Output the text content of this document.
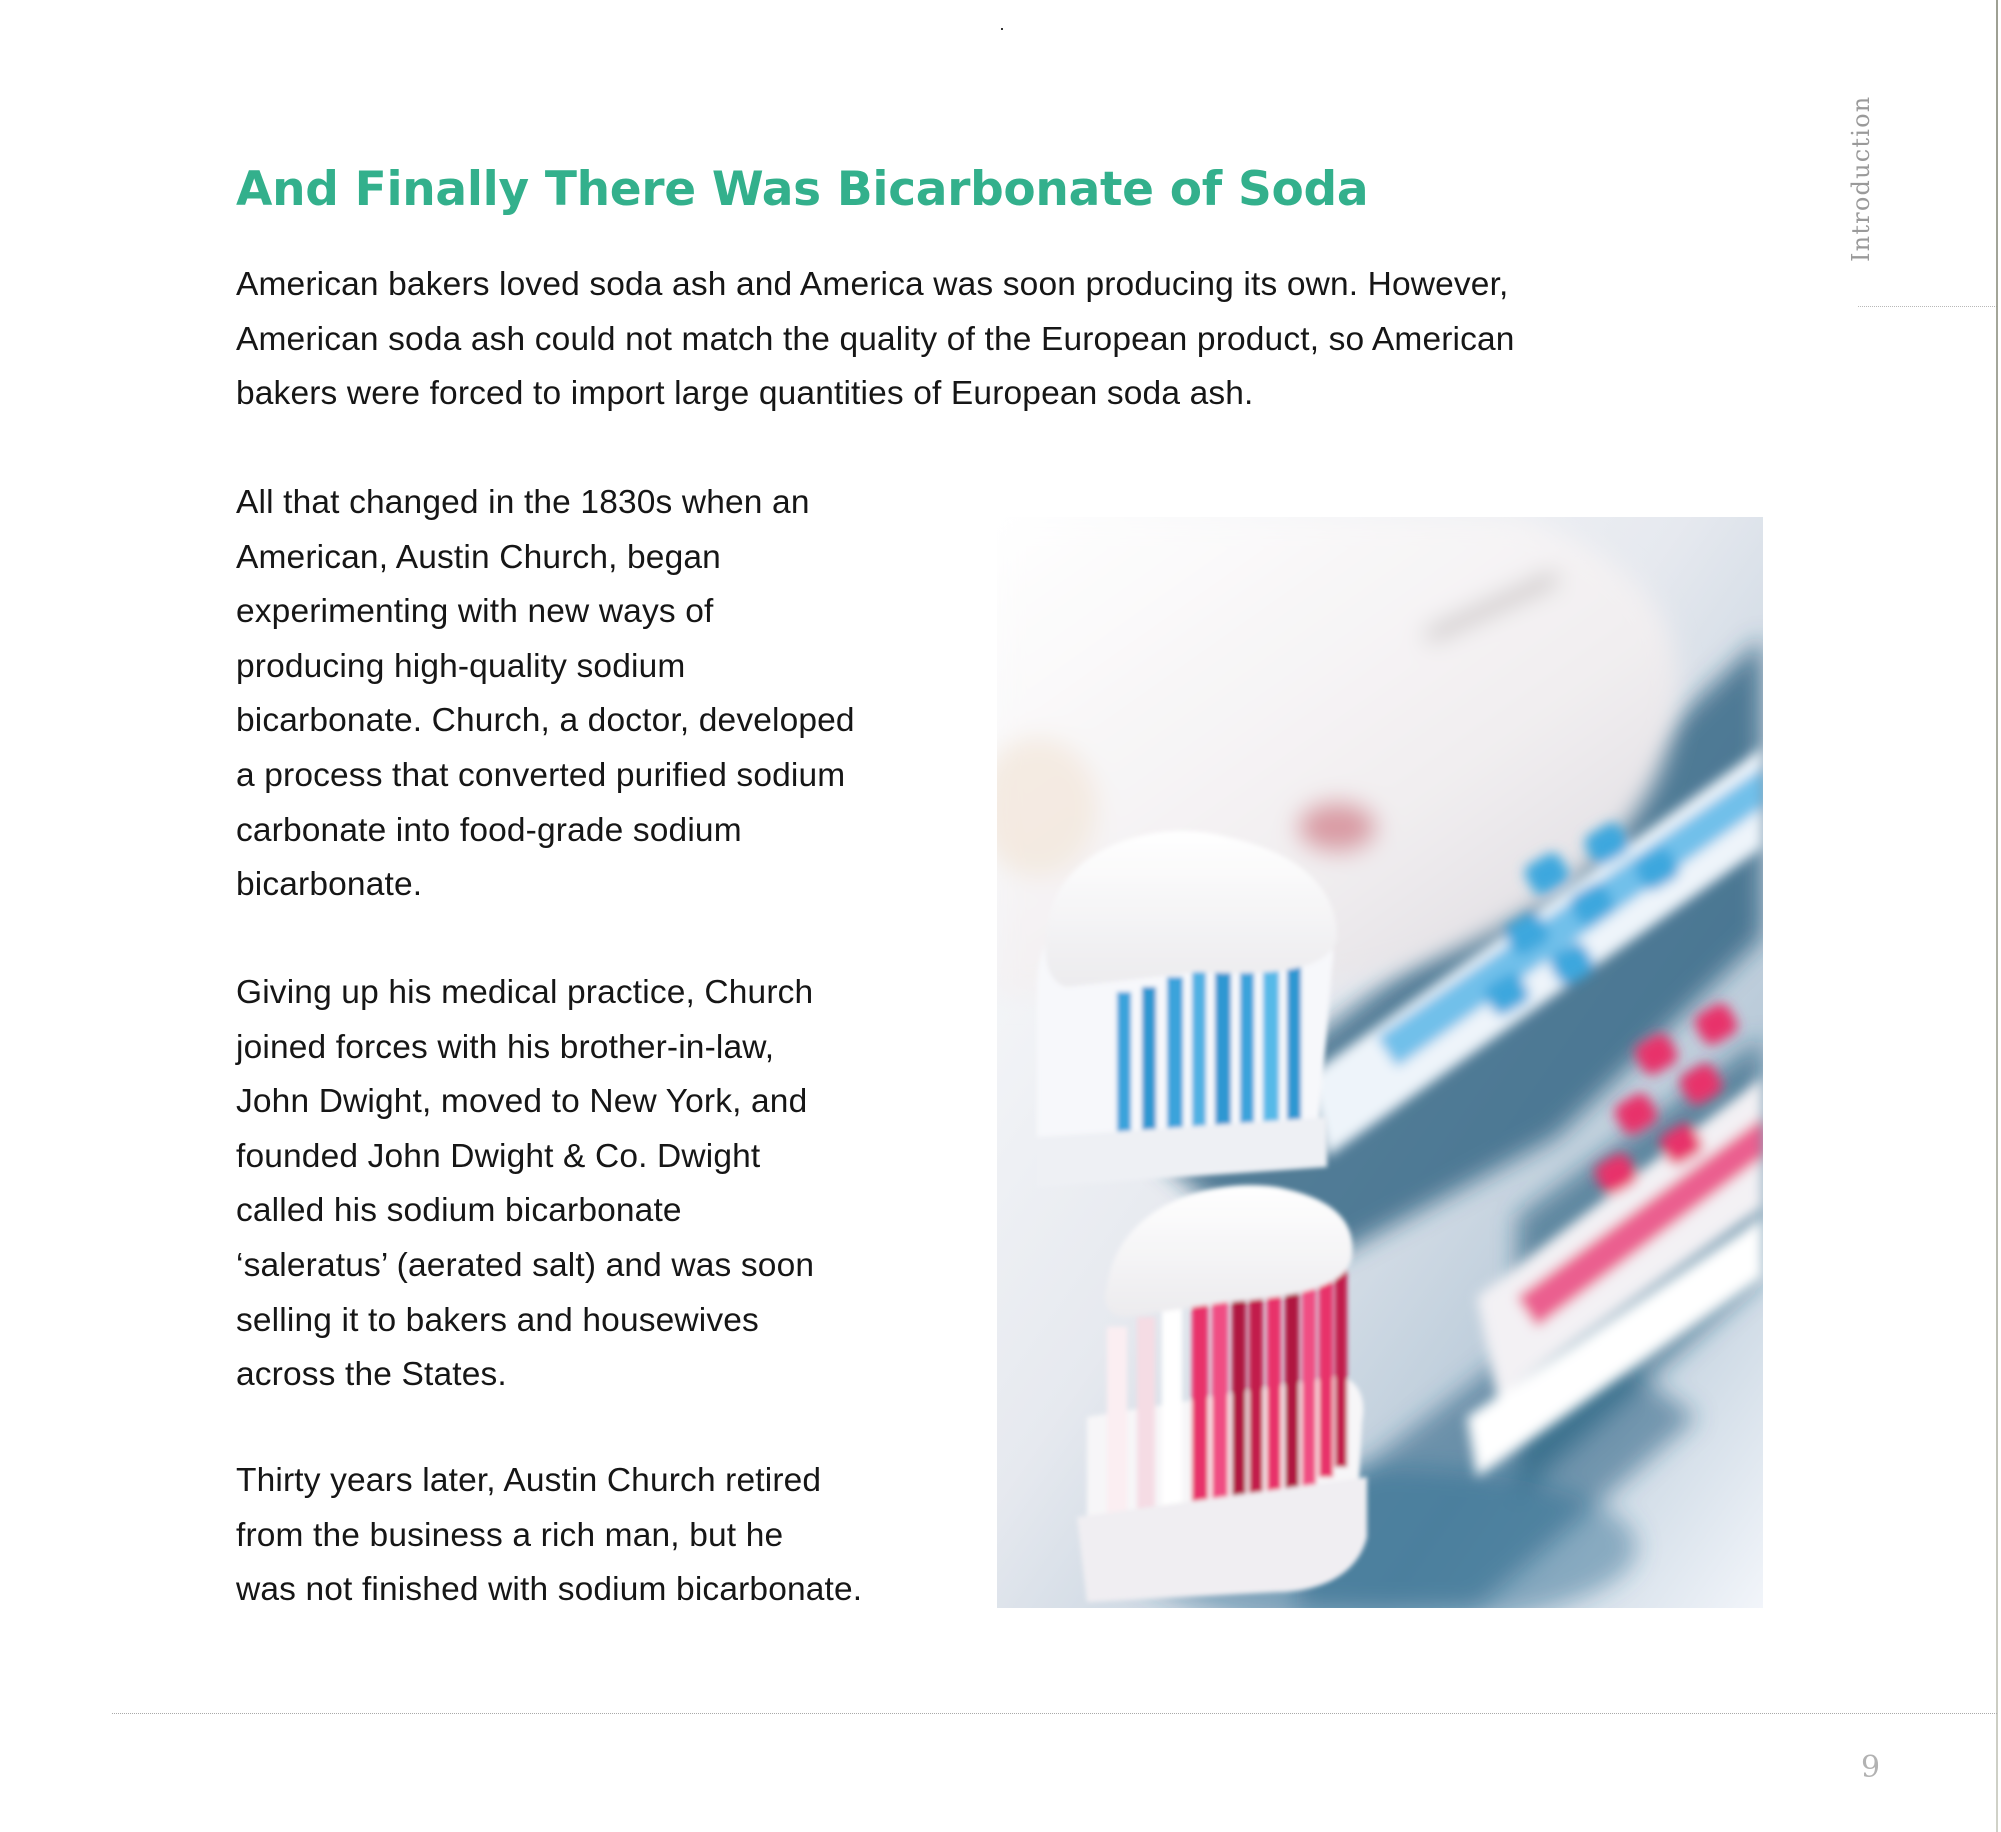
And Finally There Was Bicarbonate of Soda

American bakers loved soda ash and America was soon producing its own. However,
American soda ash could not match the quality of the European product, so American
bakers were forced to import large quantities of European soda ash.

All that changed in the 1830s when an
American, Austin Church, began
experimenting with new ways of
producing high-quality sodium
bicarbonate. Church, a doctor, developed
a process that converted purified sodium
carbonate into food-grade sodium
bicarbonate.

Giving up his medical practice, Church
joined forces with his brother-in-law,
John Dwight, moved to New York, and
founded John Dwight & Co. Dwight
called his sodium bicarbonate
‘saleratus’ (aerated salt) and was soon
selling it to bakers and housewives
across the States.

Thirty years later, Austin Church retired
from the business a rich man, but he
was not finished with sodium bicarbonate.

Introduction
9
